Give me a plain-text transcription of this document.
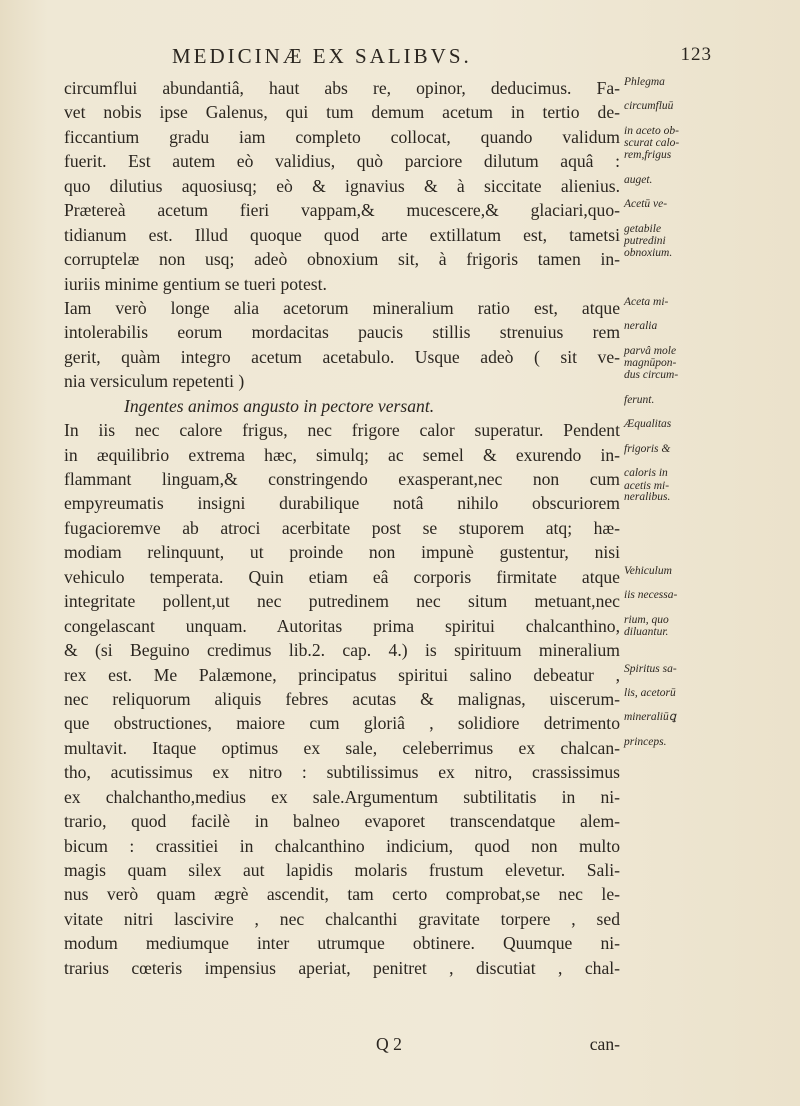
MEDICINÆ EX SALIBVS.	123
circumflui abundantiâ, haut abs re, opinor, deducimus. Fa-
vet nobis ipse Galenus, qui tum demum acetum in tertio de-
ficcantium gradu iam completo collocat, quando validum
fuerit. Est autem eò validius, quò parciore dilutum aquâ :
quo dilutius aquosiusq; eò & ignavius & à siccitate alienius.
Prætereà acetum fieri vappam,& mucescere,& glaciari,quo-
tidianum est. Illud quoque quod arte extillatum est, tametsi
corruptelæ non usq; adeò obnoxium sit, à frigoris tamen in-
iuriis minime gentium se tueri potest.
Iam verò longe alia acetorum mineralium ratio est, atque
intolerabilis eorum mordacitas paucis stillis strenuius rem
gerit, quàm integro acetum acetabulo. Usque adeò ( sit ve-
nia versiculum repetenti )
Ingentes animos angusto in pectore versant.
In iis nec calore frigus, nec frigore calor superatur. Pendent
in æquilibrio extrema hæc, simulq; ac semel & exurendo in-
flammant linguam,& constringendo exasperant,nec non cum
empyreumatis insigni durabilique notâ nihilo obscuriorem
fugacioremve ab atroci acerbitate post se stuporem atq; hæ-
modiam relinquunt, ut proinde non impunè gustentur, nisi
vehiculo temperata. Quin etiam eâ corporis firmitate atque
integritate pollent,ut nec putredinem nec situm metuant,nec
congelascant unquam. Autoritas prima spiritui chalcanthino,
& (si Beguino credimus lib.2. cap. 4.) is spirituum mineralium
rex est. Me Palæmone, principatus spiritui salino debeatur ,
nec reliquorum aliquis febres acutas & malignas, uiscerum-
que obstructiones, maiore cum gloriâ , solidiore detrimento
multavit. Itaque optimus ex sale, celeberrimus ex chalcan-
tho, acutissimus ex nitro : subtilissimus ex nitro, crassissimus
ex chalchantho,medius ex sale.Argumentum subtilitatis in ni-
trario, quod facilè in balneo evaporet transcendatque alem-
bicum : crassitiei in chalcanthino indicium, quod non multo
magis quam silex aut lapidis molaris frustum elevetur. Sali-
nus verò quam ægrè ascendit, tam certo comprobat,se nec le-
vitate nitri lascivire , nec chalcanthi gravitate torpere , sed
modum mediumque inter utrumque obtinere. Quumque ni-
trarius cœteris impensius aperiat, penitret , discutiat , chal-
Phlegma
circumfluū
in aceto ob-
scurat calo-
rem,frigus
auget.
Acetū ve-
getabile
putredini
obnoxium.
Aceta mi-
neralia
parvâ mole
magnūpon-
dus circum-
ferunt.
Æqualitas
frigoris &
caloris in
acetis mi-
neralibus.
Vehiculum
iis necessa-
rium, quo
diluantur.
Spiritus sa-
lis, acetorū
mineraliūꝗ
princeps.
Q 2	can-
